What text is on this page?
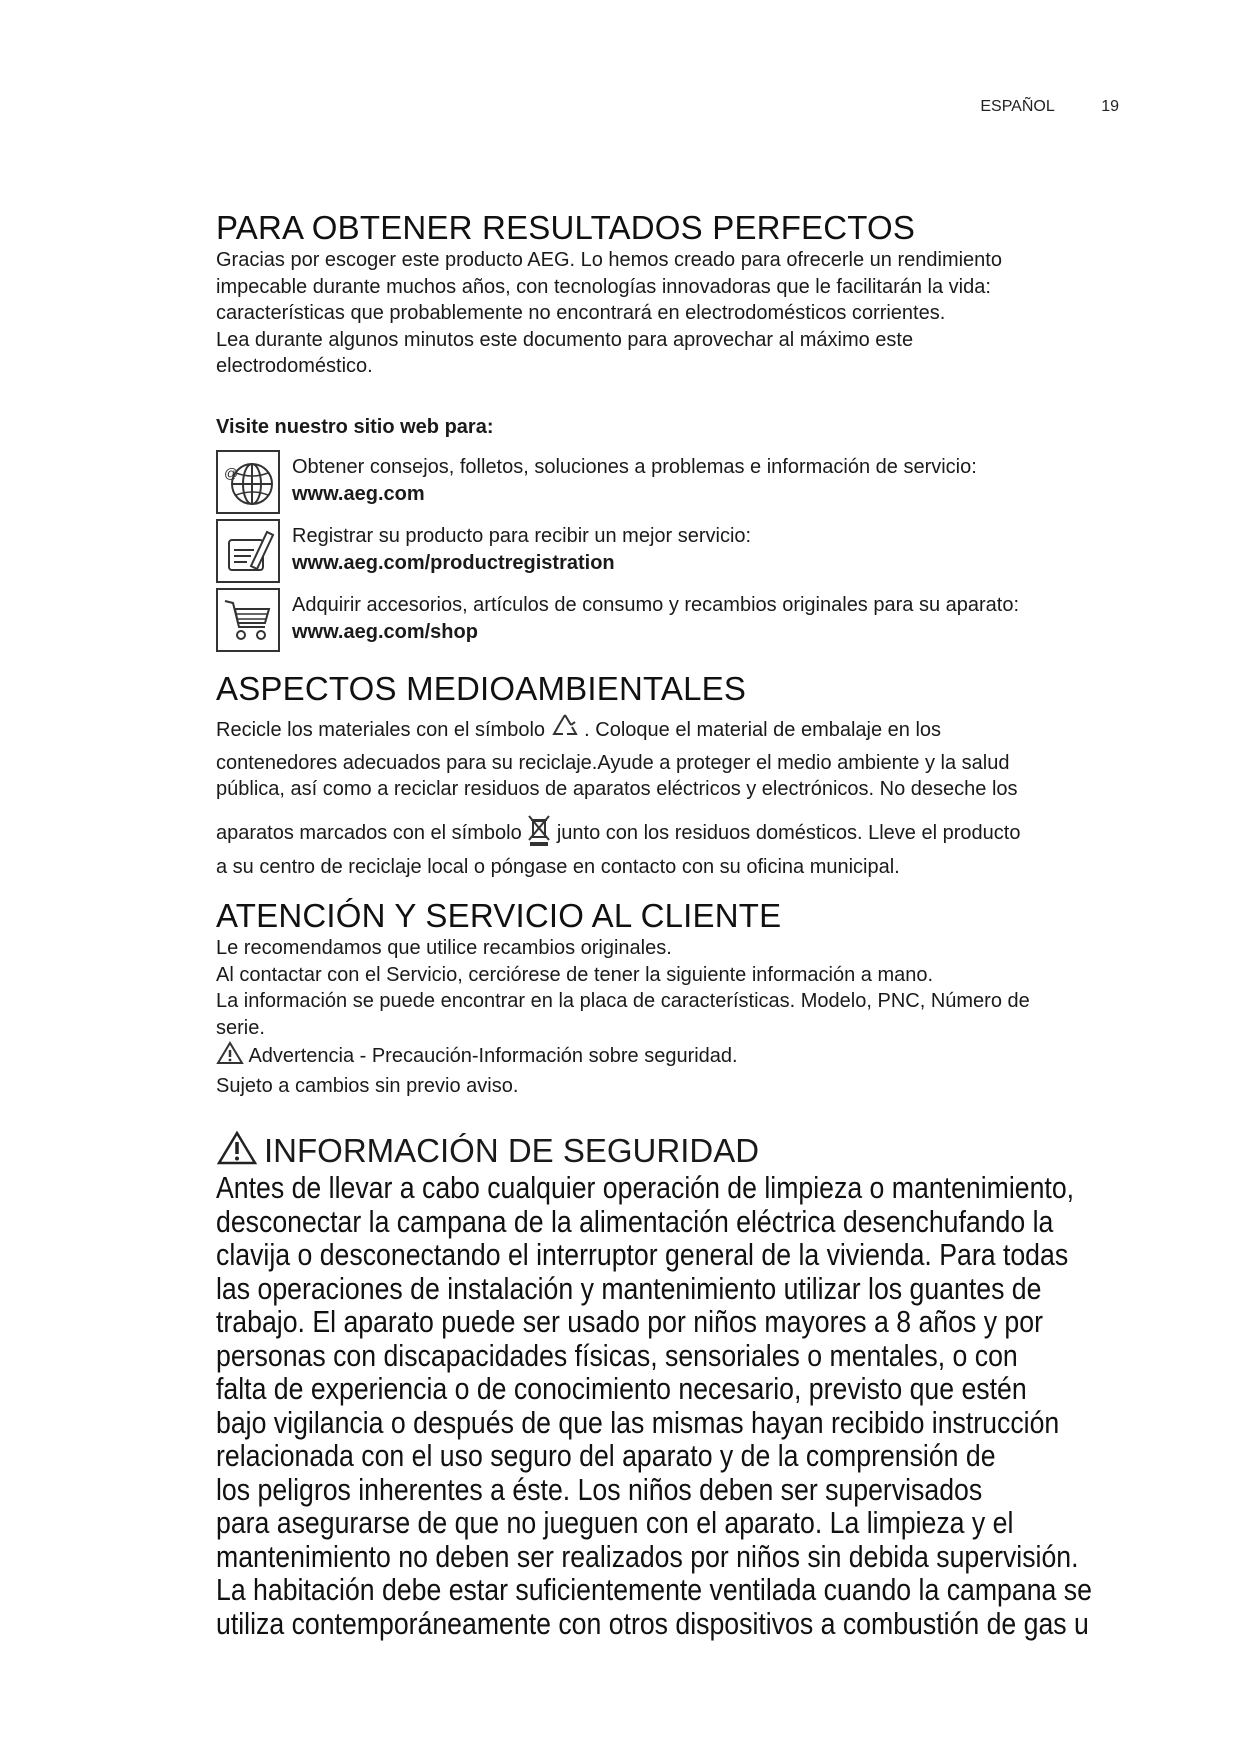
ESPAÑOL	19
PARA OBTENER RESULTADOS PERFECTOS

Gracias por escoger este producto AEG. Lo hemos creado para ofrecerle un rendimiento

impecable durante muchos años, con tecnologías innovadoras que le facilitarán la vida:

características que probablemente no encontrará en electrodomésticos corrientes.

Lea durante algunos minutos este documento para aprovechar al máximo este

electrodoméstico.

Visite nuestro sitio web para:

@	Obtener consejos, folletos, soluciones a problemas e información de servicio:
www.aeg.com
Registrar su producto para recibir un mejor servicio:
www.aeg.com/productregistration
Adquirir accesorios, artículos de consumo y recambios originales para su aparato:
www.aeg.com/shop
ASPECTOS MEDIOAMBIENTALES

Recicle los materiales con el símbolo . Coloque el material de embalaje en los

contenedores adecuados para su reciclaje.Ayude a proteger el medio ambiente y la salud

pública, así como a reciclar residuos de aparatos eléctricos y electrónicos. No deseche los

aparatos marcados con el símbolo junto con los residuos domésticos. Lleve el producto

a su centro de reciclaje local o póngase en contacto con su oficina municipal.

ATENCIÓN Y SERVICIO AL CLIENTE

Le recomendamos que utilice recambios originales.

Al contactar con el Servicio, cerciórese de tener la siguiente información a mano.

La información se puede encontrar en la placa de características. Modelo, PNC, Número de

serie.

Advertencia - Precaución-Información sobre seguridad.

Sujeto a cambios sin previo aviso.

INFORMACIÓN DE SEGURIDAD
Antes de llevar a cabo cualquier operación de limpieza o mantenimiento,
desconectar la campana de la alimentación eléctrica desenchufando la
clavija o desconectando el interruptor general de la vivienda. Para todas
las operaciones de instalación y mantenimiento utilizar los guantes de
trabajo. El aparato puede ser usado por niños mayores a 8 años y por
personas con discapacidades físicas, sensoriales o mentales, o con
falta de experiencia o de conocimiento necesario, previsto que estén
bajo vigilancia o después de que las mismas hayan recibido instrucción
relacionada con el uso seguro del aparato y de la comprensión de
los peligros inherentes a éste. Los niños deben ser supervisados
para asegurarse de que no jueguen con el aparato. La limpieza y el
mantenimiento no deben ser realizados por niños sin debida supervisión.
La habitación debe estar suficientemente ventilada cuando la campana se
utiliza contemporáneamente con otros dispositivos a combustión de gas u
